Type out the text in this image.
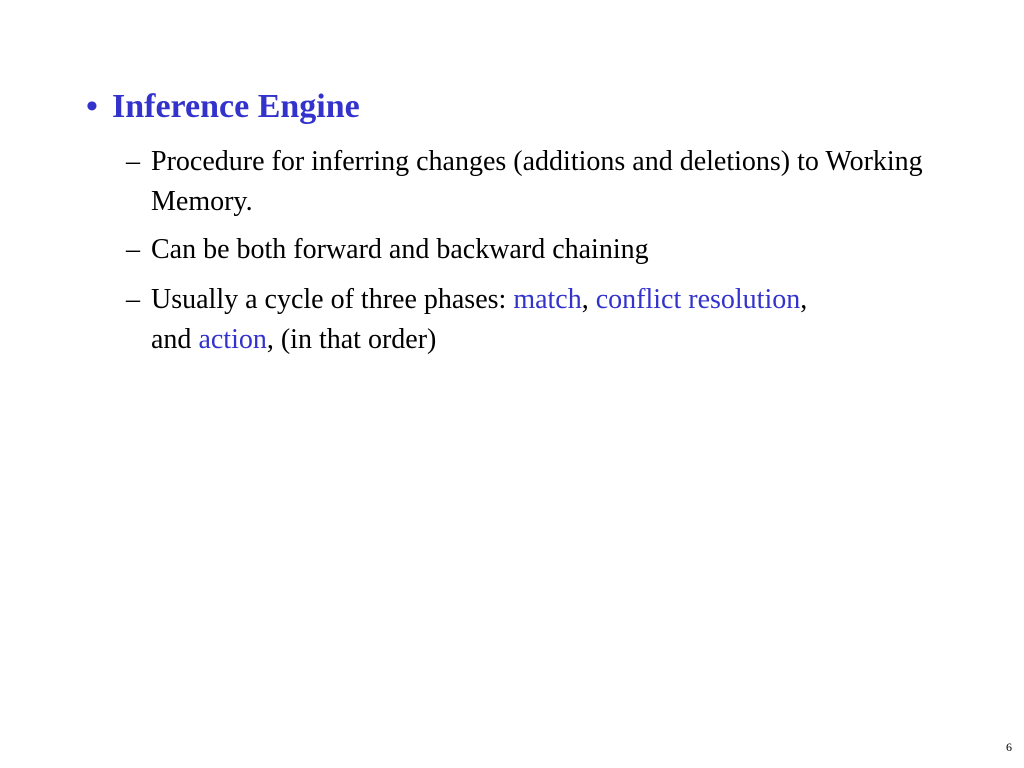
• Inference Engine
– Procedure for inferring changes (additions and deletions) to Working Memory.
– Can be both forward and backward chaining
– Usually a cycle of three phases: match, conflict resolution, and action, (in that order)
6
